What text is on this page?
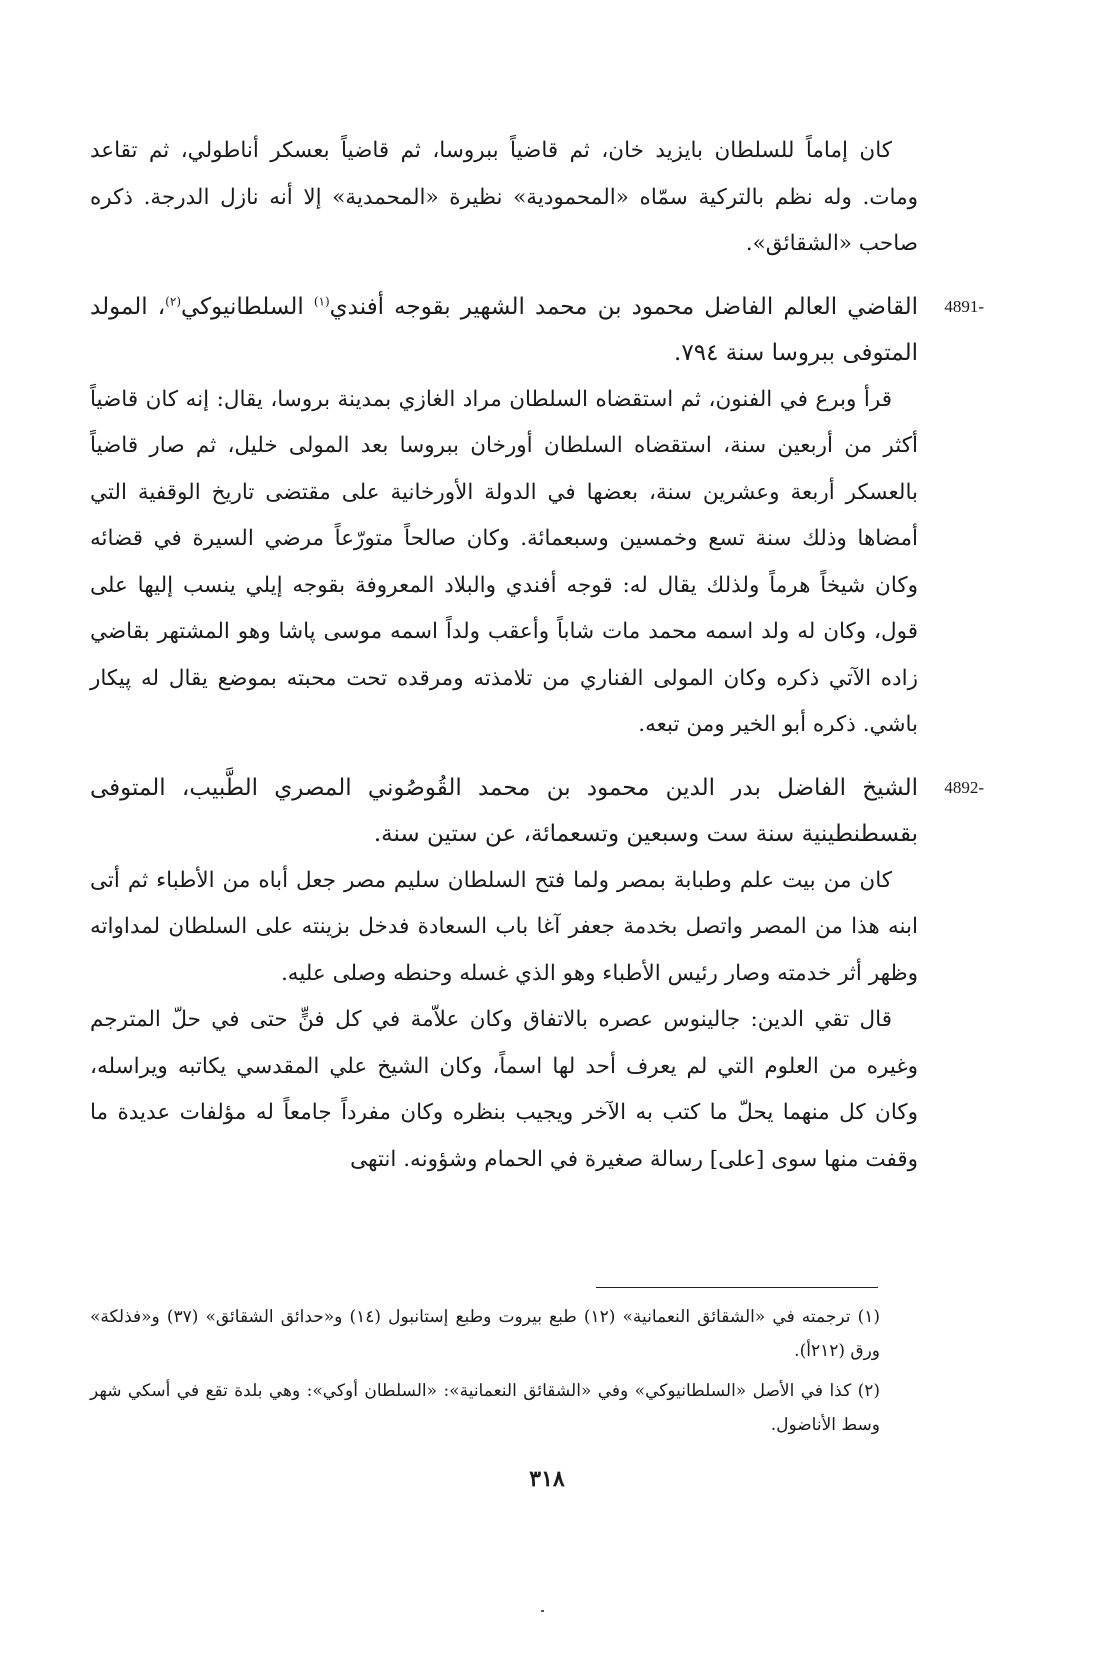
كان إماماً للسلطان بايزيد خان، ثم قاضياً ببروسا، ثم قاضياً بعسكر أناطولي، ثم تقاعد ومات. وله نظم بالتركية سمّاه «المحمودية» نظيرة «المحمدية» إلا أنه نازل الدرجة. ذكره صاحب «الشقائق».

4891-

القاضي العالم الفاضل محمود بن محمد الشهير بقوجه أفندي$^{(١)}$ السلطانيوكي$^{(٢)}$، المولد المتوفى ببروسا سنة ٧٩٤.

قرأ وبرع في الفنون، ثم استقضاه السلطان مراد الغازي بمدينة بروسا، يقال: إنه كان قاضياً أكثر من أربعين سنة، استقضاه السلطان أورخان ببروسا بعد المولى خليل، ثم صار قاضياً بالعسكر أربعة وعشرين سنة، بعضها في الدولة الأورخانية على مقتضى تاريخ الوقفية التي أمضاها وذلك سنة تسع وخمسين وسبعمائة. وكان صالحاً متورّعاً مرضي السيرة في قضائه وكان شيخاً هرماً ولذلك يقال له: قوجه أفندي والبلاد المعروفة بقوجه إيلي ينسب إليها على قول، وكان له ولد اسمه محمد مات شاباً وأعقب ولداً اسمه موسى پاشا وهو المشتهر بقاضي زاده الآتي ذكره وكان المولى الفناري من تلامذته ومرقده تحت محبته بموضع يقال له پيكار باشي. ذكره أبو الخير ومن تبعه.

4892-

الشيخ الفاضل بدر الدين محمود بن محمد القُوصُوني المصري الطَّبيب، المتوفى بقسطنطينية سنة ست وسبعين وتسعمائة، عن ستين سنة.

كان من بيت علم وطبابة بمصر ولما فتح السلطان سليم مصر جعل أباه من الأطباء ثم أتى ابنه هذا من المصر واتصل بخدمة جعفر آغا باب السعادة فدخل بزينته على السلطان لمداواته وظهر أثر خدمته وصار رئيس الأطباء وهو الذي غسله وحنطه وصلى عليه.

قال تقي الدين: جالينوس عصره بالاتفاق وكان علاّمة في كل فنٍّ حتى في حلّ المترجم وغيره من العلوم التي لم يعرف أحد لها اسماً، وكان الشيخ علي المقدسي يكاتبه ويراسله، وكان كل منهما يحلّ ما كتب به الآخر ويجيب بنظره وكان مفرداً جامعاً له مؤلفات عديدة ما وقفت منها سوى [على] رسالة صغيرة في الحمام وشؤونه. انتهى

(١) ترجمته في «الشقائق النعمانية» (١٢) طبع بيروت وطبع إستانبول (١٤) و«حدائق الشقائق» (٣٧) و«فذلكة» ورق (٢١٢أ).

(٢) كذا في الأصل «السلطانيوكي» وفي «الشقائق النعمانية»: «السلطان أوكي»: وهي بلدة تقع في أسكي شهر وسط الأناضول.

٣١٨
